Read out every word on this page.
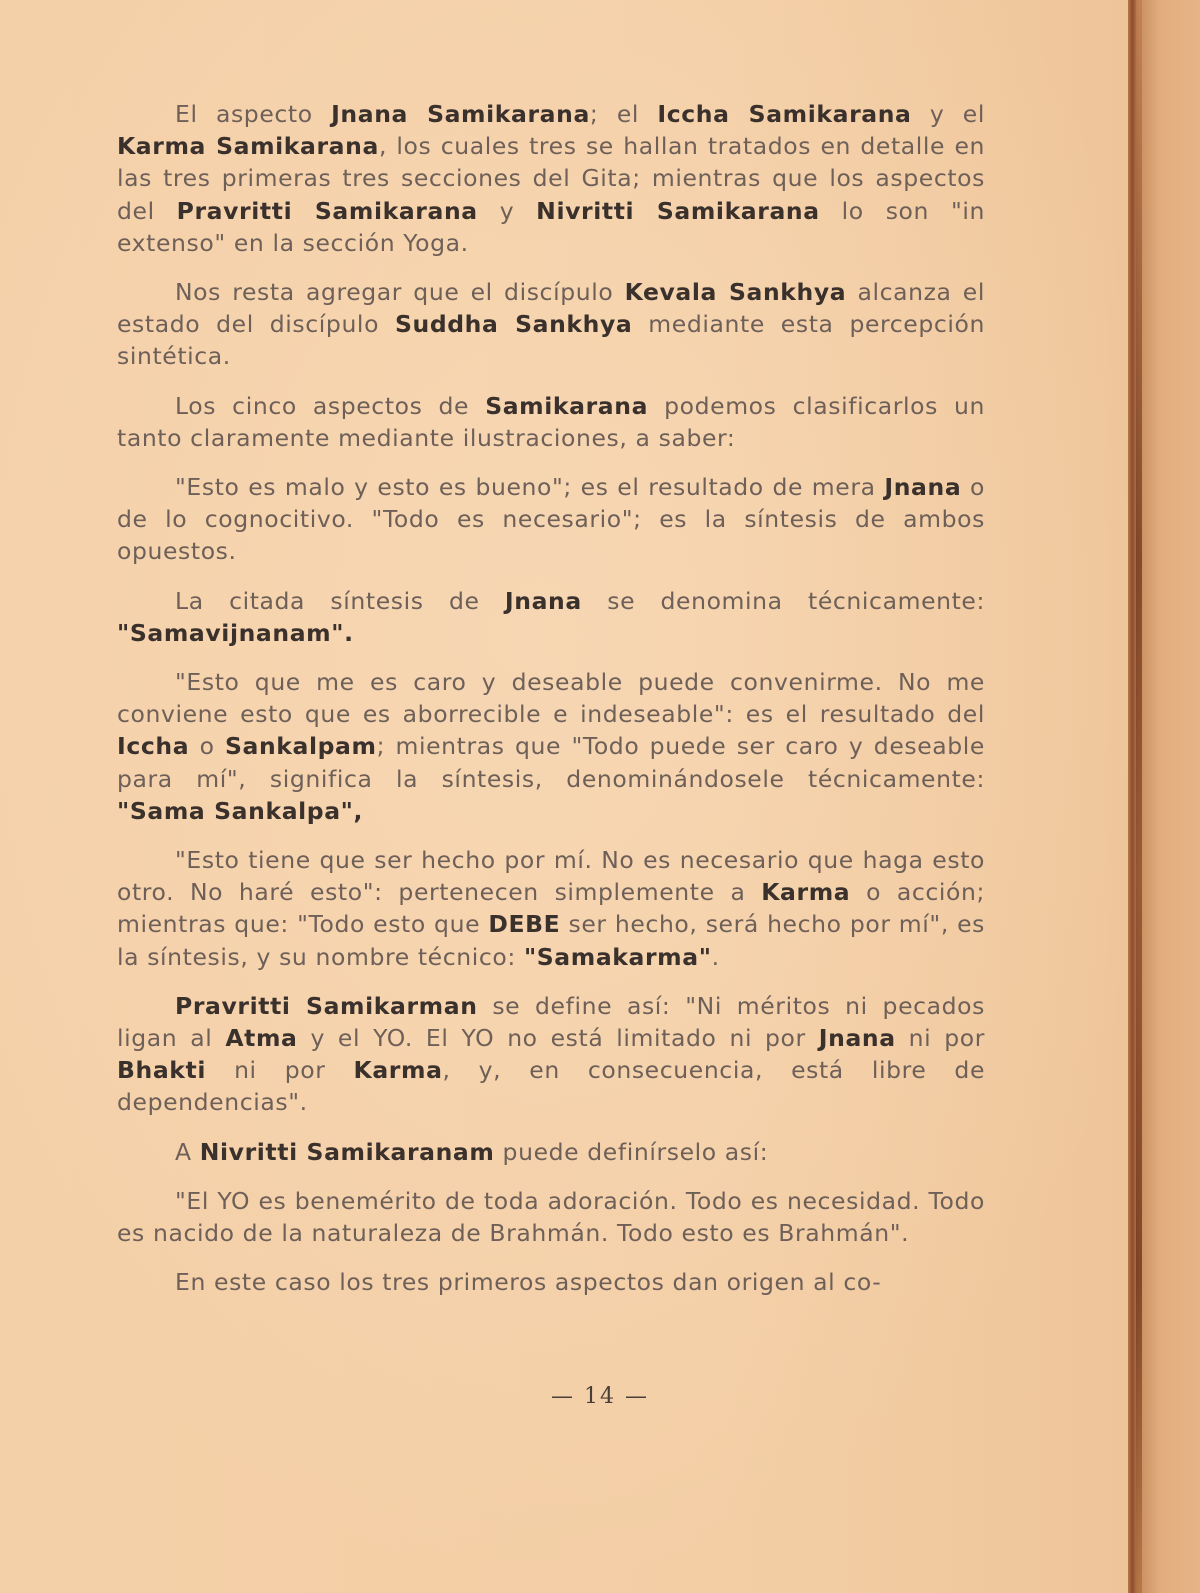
El aspecto Jnana Samikarana; el Iccha Samikarana y el Karma Samikarana, los cuales tres se hallan tratados en detalle en las tres primeras tres secciones del Gita; mientras que los aspectos del Pravritti Samikarana y Nivritti Samikarana lo son "in extenso" en la sección Yoga.

Nos resta agregar que el discípulo Kevala Sankhya alcanza el estado del discípulo Suddha Sankhya mediante esta percepción sintética.

Los cinco aspectos de Samikarana podemos clasificarlos un tanto claramente mediante ilustraciones, a saber:

"Esto es malo y esto es bueno"; es el resultado de mera Jnana o de lo cognocitivo. "Todo es necesario"; es la síntesis de ambos opuestos.

La citada síntesis de Jnana se denomina técnicamente: "Samavijnanam".

"Esto que me es caro y deseable puede convenirme. No me conviene esto que es aborrecible e indeseable": es el resultado del Iccha o Sankalpam; mientras que "Todo puede ser caro y deseable para mí", significa la síntesis, denominándosele técnicamente: "Sama Sankalpa",

"Esto tiene que ser hecho por mí. No es necesario que haga esto otro. No haré esto": pertenecen simplemente a Karma o acción; mientras que: "Todo esto que DEBE ser hecho, será hecho por mí", es la síntesis, y su nombre técnico: "Samakarma".

Pravritti Samikarman se define así: "Ni méritos ni pecados ligan al Atma y el YO. El YO no está limitado ni por Jnana ni por Bhakti ni por Karma, y, en consecuencia, está libre de dependencias".

A Nivritti Samikaranam puede definírselo así:

"El YO es benemérito de toda adoración. Todo es necesidad. Todo es nacido de la naturaleza de Brahmán. Todo esto es Brahmán".

En este caso los tres primeros aspectos dan origen al co-

— 14 —
